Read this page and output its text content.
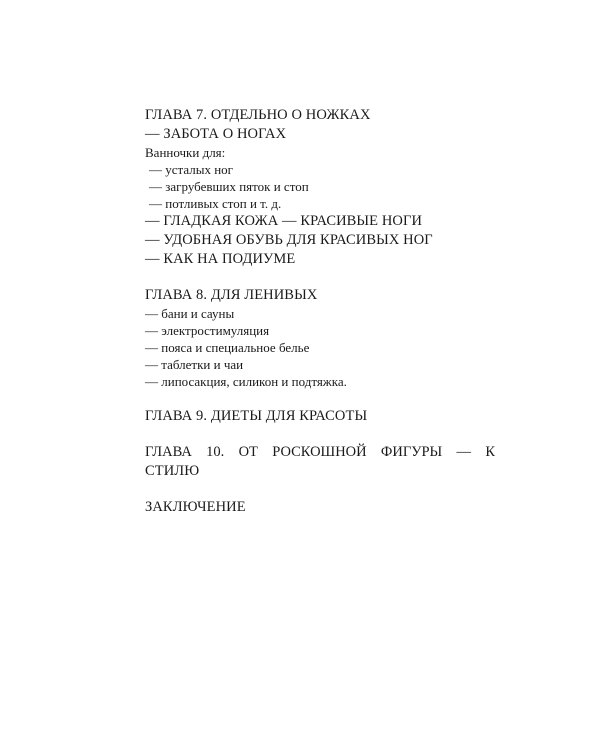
ГЛАВА 7. ОТДЕЛЬНО О НОЖКАХ
— ЗАБОТА О НОГАХ
Ванночки для:
— усталых ног
— загрубевших пяток и стоп
— потливых стоп и т. д.
— ГЛАДКАЯ КОЖА — КРАСИВЫЕ НОГИ
— УДОБНАЯ ОБУВЬ ДЛЯ КРАСИВЫХ НОГ
— КАК НА ПОДИУМЕ
ГЛАВА 8. ДЛЯ ЛЕНИВЫХ
— бани и сауны
— электростимуляция
— пояса и специальное белье
— таблетки и чаи
— липосакция, силикон и подтяжка.
ГЛАВА 9. ДИЕТЫ ДЛЯ КРАСОТЫ
ГЛАВА 10. ОТ РОСКОШНОЙ ФИГУРЫ — К
СТИЛЮ
ЗАКЛЮЧЕНИЕ
